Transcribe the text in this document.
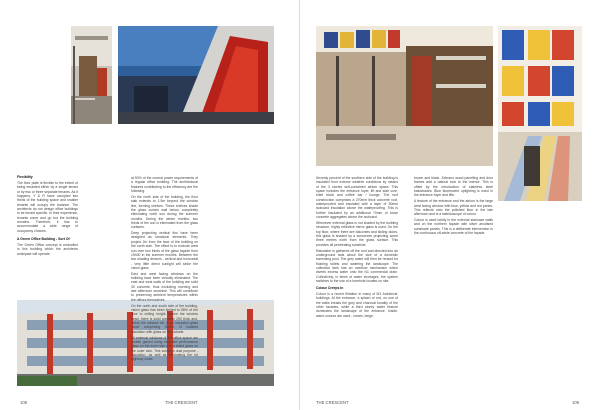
Flexibility

The floor plate is flexible to the extent of being tenanted either by a single tenant or by two or three separate tenants. As it happens, Y & R have occupied two thirds of the building space and smaller tenants will occupy the balance. The architects do not design office buildings to be tenant specific. In their experience, tenants come and go but the building remains. Therefore, it has to accommodate a wide range of occupancy choices.

A Green Office Building - Sort Of

The Green Office concept is embodied in this building which the architects anticipate will operate

at 50% of the normal power requirements of a regular office building. The architectural features contributing to the efficiency are the following:

On the north side of the building, the floor slab extends to 1.5m beyond the window line, forming shelves. These shelves shade the glass curtain wall below, completely eliminating north sun during the summer months. During the winter months, two thirds of the sun is eliminated from the glass surfaces.

Deep projecting vertical fins have been designed as structural elements. They project 2m from the face of the building on the north side. The effect is to exclude west sun over two thirds of the glass façade from 15h30 in the summer months. Between the two shading devices - vertical and horizontal - very little direct sunlight will strike the vision glass.

East and west facing windows on the building have been virtually eliminated. The east and west walls of the building are solid 30 concrete, thus excluding morning and late afternoon sunshine. This will contribute to preserving ambient temperatures within the offices themselves.

On the north and south side of the building, vision glass has been limited to 58% of the floor to ceiling height. Above the window head, there is solid concrete 250 thick and, below the window sill, is an insulated glass panel comprising 50mm of isolated insulation with glass on the outside.

All external windows of the office space are double glazed using insulated performance glass on the inner skin and a tinted glass on the outer skin. This solves a dual purpose - insulation, as well as eliminating the hit highway noise.

108	THE CRESCENT

Seventy percent of the southern side of the building is insulated from exterior weather conditions by means of the 3 stories self-contained atrium space. This space includes the entrance foyer, lift and stair core, toilet block and coffee bar / lounge. The roof construction comprises a 270mm thick concrete roof, waterproofed and insulated with a layer of 50mm isoboard insulation above the waterproofing. This is further insulated by an additional 70mm of loose concrete aggregates above the isoboard.

Whenever external glass is not shaded by the building structure, highly reflective mirror glass is used. On the top floor, where there are balconies and sliding doors, this glass is shaded by a sunscreen projecting some three metres north from the glass surface. This provides all penetrating sunshine.

Rainwater is gathered off the roof and directed into an underground tank about the size of a domestic swimming pool. The grey water will then be reused for flushing toilets and watering the landscape. The collection tank has an overflow mechanism which diverts excess water onto the N1 commercial drain. Collectively, in times of water shortages, the system switches to the use of a borehole located on site.

Colour Creeps In

Colour is a recent flirtation in many of M1 Architects' buildings. At the entrance, a splash of red, on one of the walls breaks the grey and charcoal tonality of the other facades, while a third storey water feature dominates the landscape of the entrance. Inside, warm colours are used - cream, beige,

brown and black. Zebrano wood panelling and door frames add a natural look to the interior. This is offset by the introduction of stainless steel balustrades. Blue fluorescent uplighting is used in the entrance foyer and lifts.

A feature of the entrance and the atrium is the large west facing window with blue, yellow and red panes. This reflects onto the polished floor in the late afternoon and is a kaleidoscope of colour.

Colour is used boldly in the external staircase walls and on the northern façade with silver anodised sunshade panels. This is a deliberate intervention in the continuous off-white concrete of the façade.

THE CRESCENT	109
